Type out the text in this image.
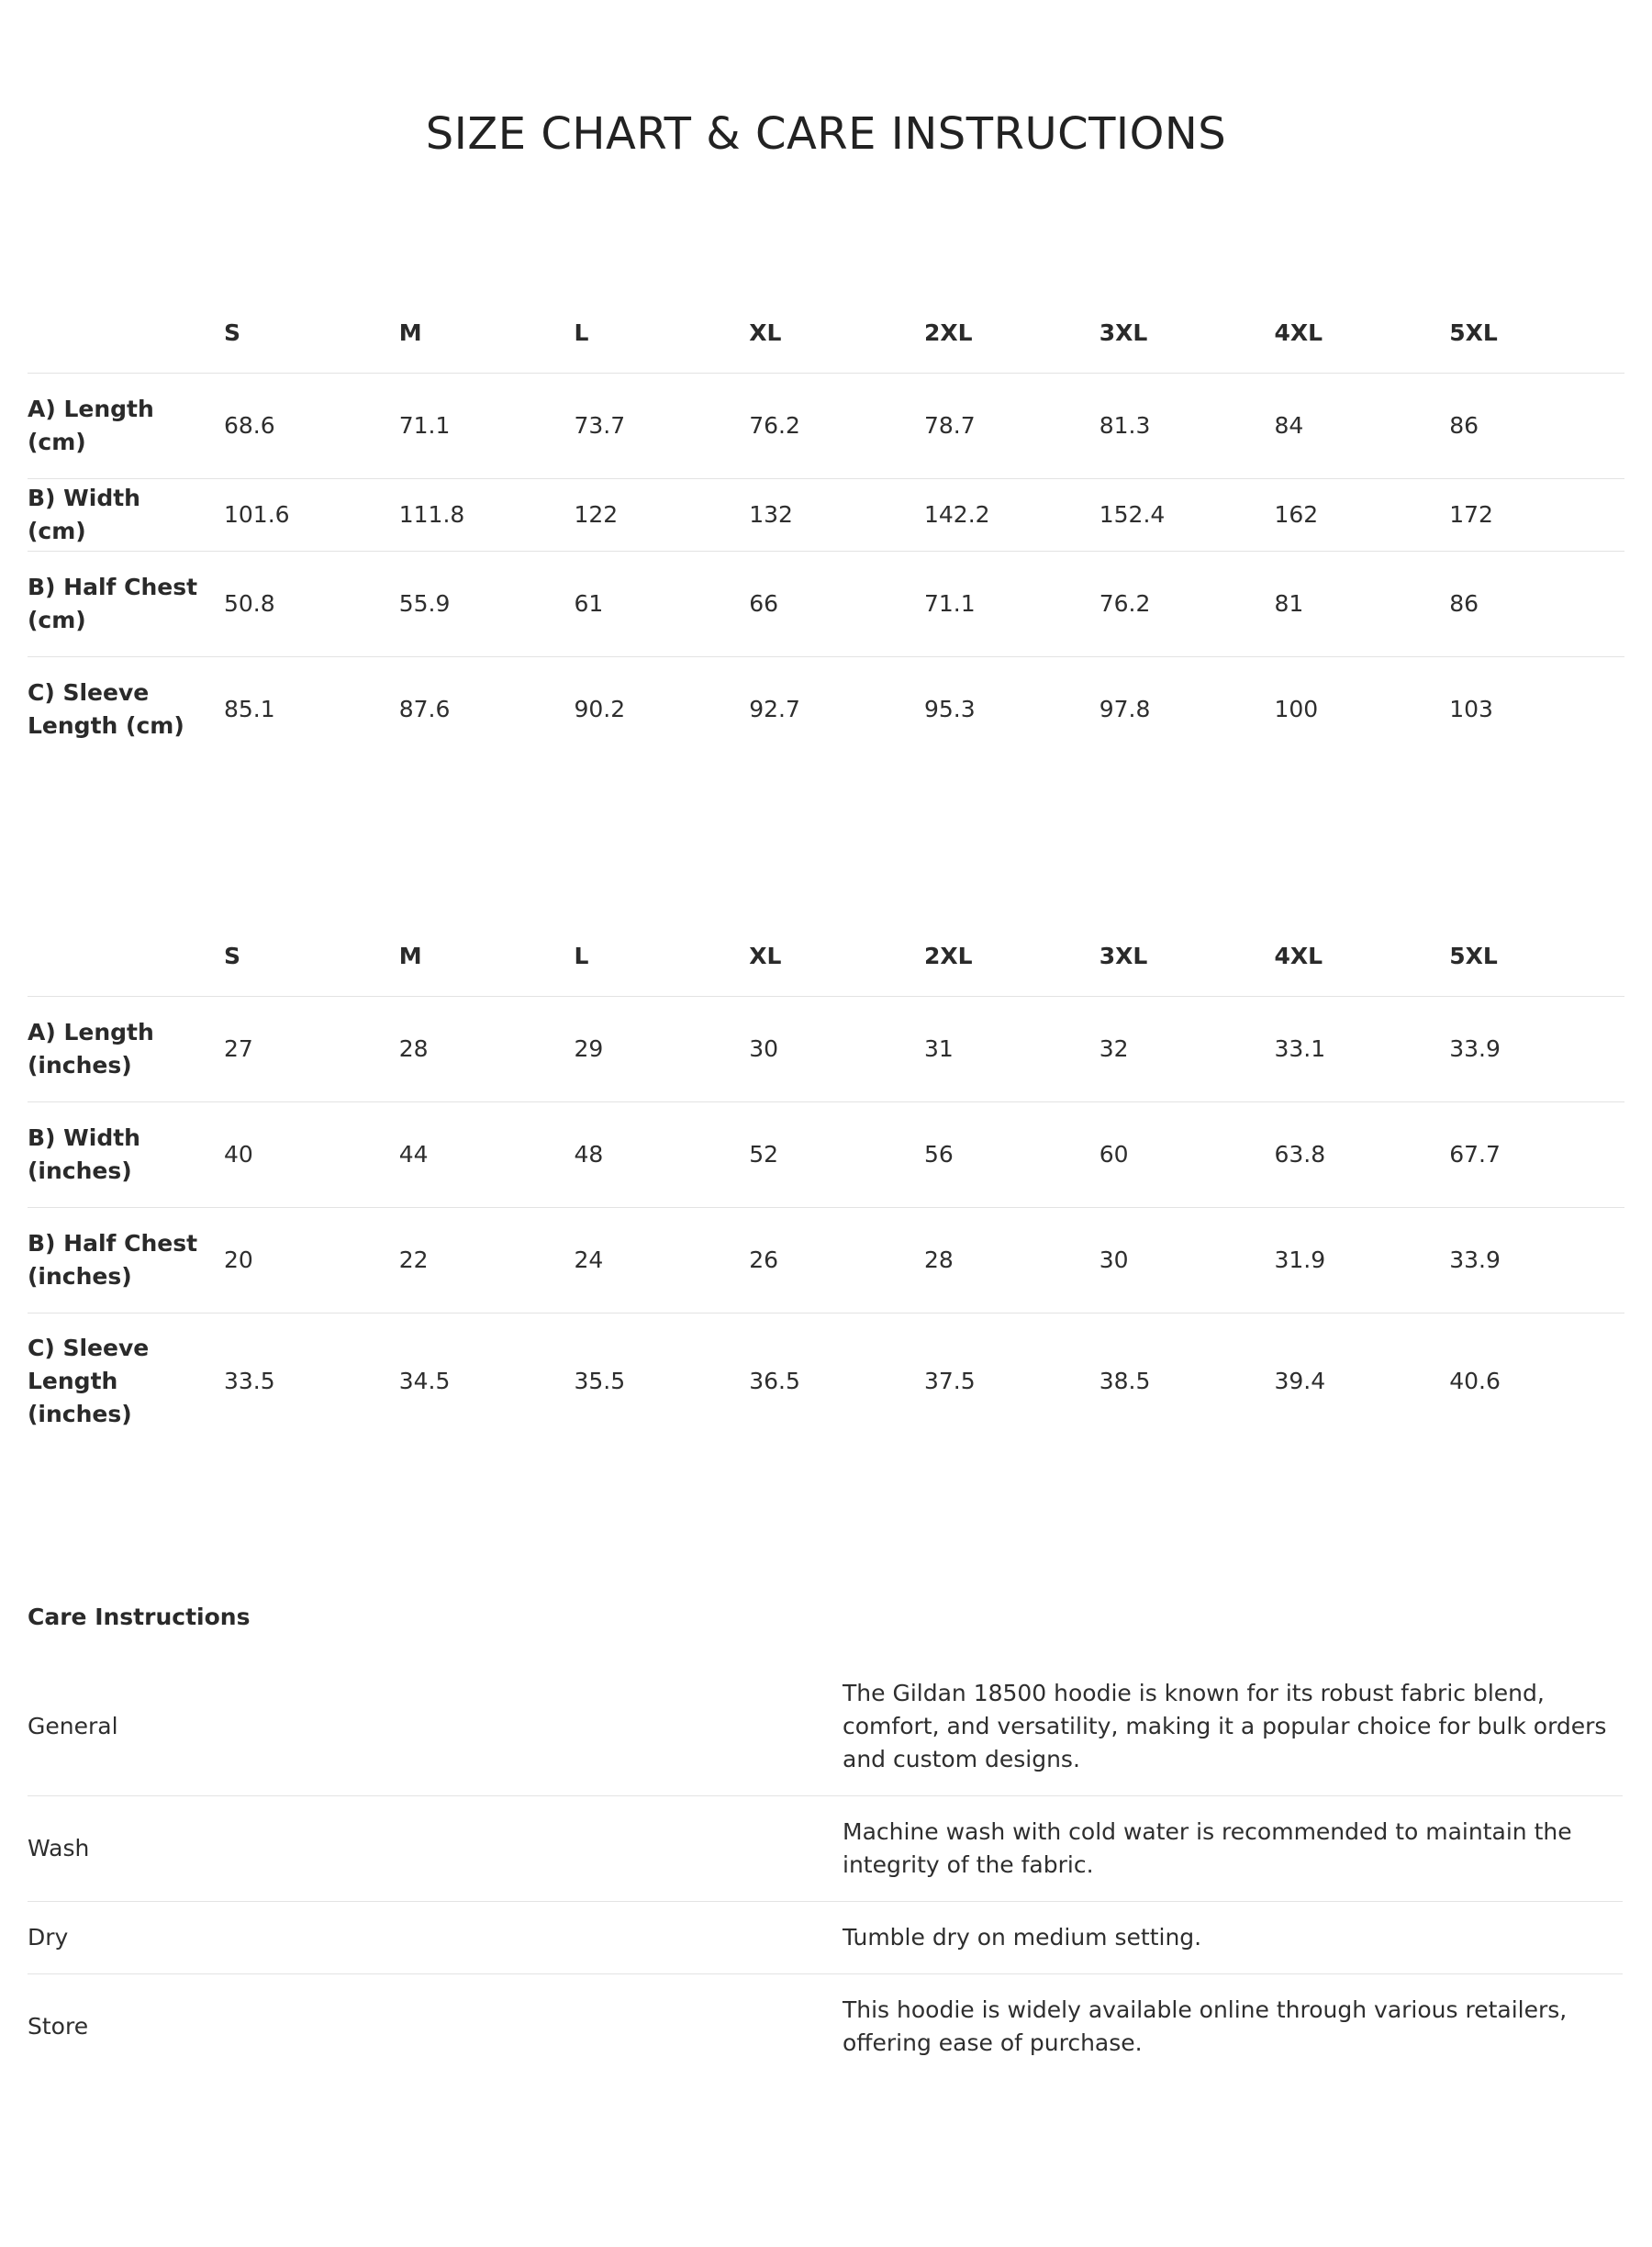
SIZE CHART & CARE INSTRUCTIONS
	S	M	L	XL	2XL	3XL	4XL	5XL
A) Length (cm)	68.6	71.1	73.7	76.2	78.7	81.3	84	86
B) Width (cm)	101.6	111.8	122	132	142.2	152.4	162	172
B) Half Chest (cm)	50.8	55.9	61	66	71.1	76.2	81	86
C) Sleeve Length (cm)	85.1	87.6	90.2	92.7	95.3	97.8	100	103
	S	M	L	XL	2XL	3XL	4XL	5XL
A) Length (inches)	27	28	29	30	31	32	33.1	33.9
B) Width (inches)	40	44	48	52	56	60	63.8	67.7
B) Half Chest (inches)	20	22	24	26	28	30	31.9	33.9
C) Sleeve Length (inches)	33.5	34.5	35.5	36.5	37.5	38.5	39.4	40.6
Care Instructions
General	The Gildan 18500 hoodie is known for its robust fabric blend, comfort, and versatility, making it a popular choice for bulk orders and custom designs.
Wash	Machine wash with cold water is recommended to maintain the integrity of the fabric.
Dry	Tumble dry on medium setting.
Store	This hoodie is widely available online through various retailers, offering ease of purchase.
